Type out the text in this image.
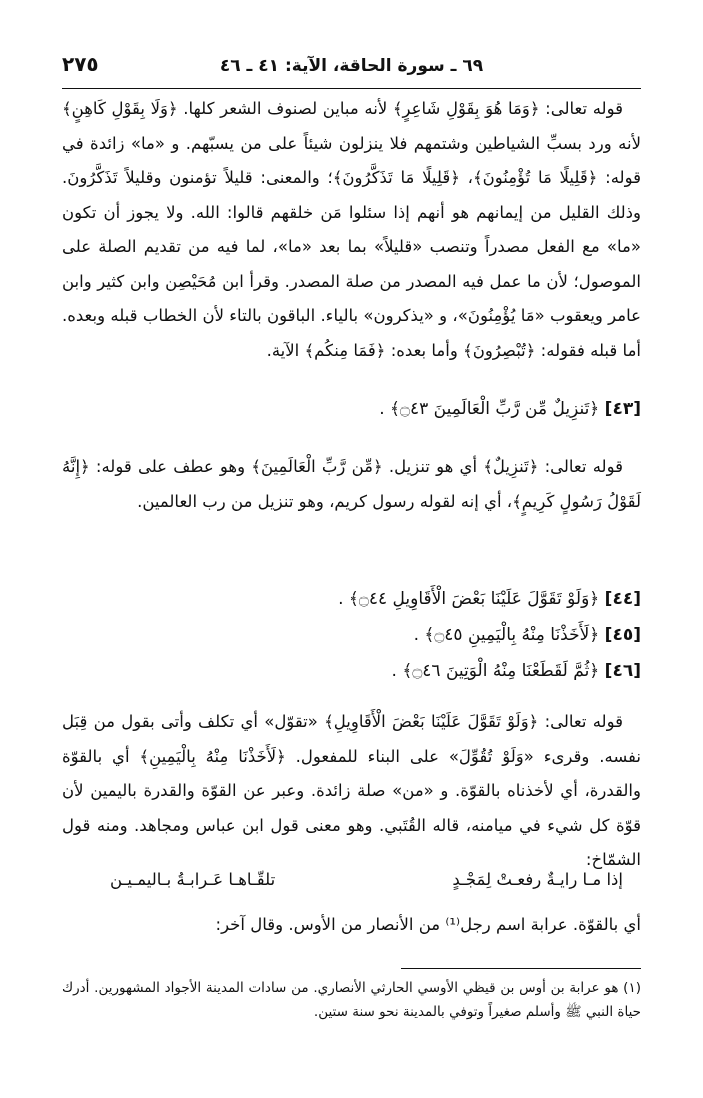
٦٩ ـ سورة الحاقة، الآية: ٤١ ـ ٤٦
٢٧٥

قوله تعالى: ﴿وَمَا هُوَ بِقَوْلِ شَاعِرٍ﴾ لأنه مباين لصنوف الشعر كلها. ﴿وَلَا بِقَوْلِ كَاهِنٍ﴾ لأنه ورد بسبِّ الشياطين وشتمهم فلا ينزلون شيئاً على من يسبّهم. و «ما» زائدة في قوله: ﴿قَلِيلًا مَا تُؤْمِنُونَ﴾، ﴿قَلِيلًا مَا تَذَكَّرُونَ﴾؛ والمعنى: قليلاً تؤمنون وقليلاً تَذَكَّرُونَ. وذلك القليل من إيمانهم هو أنهم إذا سئلوا مَن خلقهم قالوا: الله. ولا يجوز أن تكون «ما» مع الفعل مصدراً وتنصب «قليلاً» بما بعد «ما»، لما فيه من تقديم الصلة على الموصول؛ لأن ما عمل فيه المصدر من صلة المصدر. وقرأ ابن مُحَيْصِن وابن كثير وابن عامر ويعقوب «مَا يُؤْمِنُونَ»، و «يذكرون» بالياء. الباقون بالتاء لأن الخطاب قبله وبعده. أما قبله فقوله: ﴿تُبْصِرُونَ﴾ وأما بعده: ﴿فَمَا مِنكُم﴾ الآية.

[٤٣] ﴿تَنزِيلٌ مِّن رَّبِّ الْعَالَمِينَ ۝٤٣﴾ .

قوله تعالى: ﴿تَنزِيلٌ﴾ أي هو تنزيل. ﴿مِّن رَّبِّ الْعَالَمِينَ﴾ وهو عطف على قوله: ﴿إِنَّهُ لَقَوْلُ رَسُولٍ كَرِيمٍ﴾، أي إنه لقوله رسول كريم، وهو تنزيل من رب العالمين.

[٤٤] ﴿وَلَوْ تَقَوَّلَ عَلَيْنَا بَعْضَ الْأَقَاوِيلِ ۝٤٤﴾ .
[٤٥] ﴿لَأَخَذْنَا مِنْهُ بِالْيَمِينِ ۝٤٥﴾ .
[٤٦] ﴿ثُمَّ لَقَطَعْنَا مِنْهُ الْوَتِينَ ۝٤٦﴾ .

قوله تعالى: ﴿وَلَوْ تَقَوَّلَ عَلَيْنَا بَعْضَ الْأَقَاوِيلِ﴾ «تقوّل» أي تكلف وأتى بقول من قِبَل نفسه. وقرىء «وَلَوْ تُقُوِّلَ» على البناء للمفعول. ﴿لَأَخَذْنَا مِنْهُ بِالْيَمِينِ﴾ أي بالقوّة والقدرة، أي لأخذناه بالقوّة. و «من» صلة زائدة. وعبر عن القوّة والقدرة باليمين لأن قوّة كل شيء في ميامنه، قاله القُتَبي. وهو معنى قول ابن عباس ومجاهد. ومنه قول الشمّاخ:

إذا مـا رايـةٌ رفعـتْ لِمَجْـدٍ
تلقّـاهـا عَـرابـةُ بـاليمـيـن
أي بالقوّة. عرابة اسم رجل⁽¹⁾ من الأنصار من الأوس. وقال آخر:

(١) هو عرابة بن أوس بن قيظي الأوسي الحارثي الأنصاري. من سادات المدينة الأجواد المشهورين. أدرك حياة النبي ﷺ وأسلم صغيراً وتوفي بالمدينة نحو سنة ستين.
